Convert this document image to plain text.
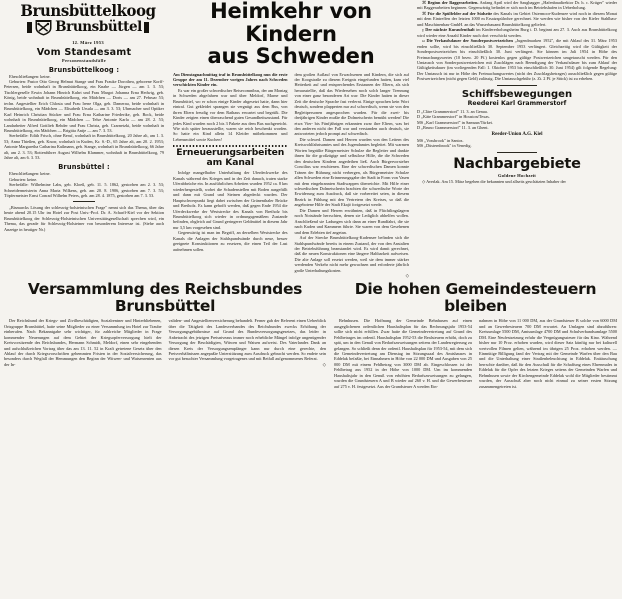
Brunsbüttelkoog
Brunsbüttel
12. März 1953
Vom Standesamt
Personenstandsfälle
Brunsbüttelkoog :

Eheschließungen: keine.

Geburten: Pastor Otto Georg Helmut Stange und Frau Frauke Dorothea, geborene Korff-Petersen, beide wohnhaft in Brunsbüttelkoog, ein Knabe — Jürgen — am 1. 3. 53; Tischlergeselle Erwin Johann Hinrich Kuhrt und Frau Margot Johanna Erna Hedwig, geb. König, beide wohnhaft in Brunsbüttelkoog, ein Mädchen — Doris — am 27. Februar 53; techn. Angestellter Erich Chlosta und Frau Irene Olga, geb. Damerau, beide wohnhaft in Brunsbüttelkoog, ein Mädchen — Elisabeth Ursula — am 3. 3. 53; Uhrmacher und Optiker Karl Heinrich Christian Stücker und Frau Erna Katharine Friederike, geb. Bock, beide wohnhaft in Brunsbüttelkoog, ein Mädchen — Telse Antonie Karla — am 28. 2. 53; Landarbeiter Alfred Gottlieb Rehder und Frau Christa, geb. Czarnetzki, beide wohnhaft in Brunsbüttelkoog, ein Mädchen — Brigitta Antje — am 7. 3. 53.

Sterbefälle: Edith Frisch, ohne Beruf, wohnhaft in Brunsbüttelkoog, 20 Jahre alt, am 1. 3. 53; Anna Thießen, geb. Knorr, wohnhaft in Kuden, Kr. S.-D., 65 Jahre alt, am 20. 2. 1953; Antonie Margaretha Catharina Kußmann, geb. Stange, wohnhaft in Brunsbüttelkoog, 66 Jahre alt, am 2. 3. 53; Rottenführer August Wilhelm Klammer, wohnhaft in Brunsbüttelkoog, 79 Jahre alt, am 6. 3. 53.

Brunsbüttel :

Eheschließungen: keine.

Geburten: keine.

Sterbefälle: Wilhelmine Labs, geb. Kloeß, geb. 11. 5. 1862, gestorben am 2. 3. 53; Schneidermeisterin Anna Maria Wilkens, geb. am 20. 8. 1906, gestorben am 7. 3. 53; Töpfermeister Ernst Conrad Wilhelm Peters, geb. am 28. 4. 1875, gestorben am 7. 3. 53.

„Bismarcks Lösung der schleswig-holsteinischen Frage" nennt sich das Thema, über das heute abend 20.15 Uhr im Hotel zur Post Univ.-Prof. Dr. A. Scharff-Kiel vor der Sektion Brunsbüttelkoog der Schleswig-Holsteinischen Universitätsgesellschaft sprechen wird, ein Thema, das gerade für Schleswig-Holsteiner von besonderem Interesse ist. (Siehe auch Anzeige in heutiger Nr.)

Heimkehr von Kindern
aus Schweden

Am Dienstagnachmittag traf in Brunsbüttelkoog nun die erste Gruppe der am 11. Dezember vorigen Jahres nach Schweden verschickten Kinder ein.

Es war ein großer schwedischer Reisecomnibus, der am Montag in Schweden abgefahren war und über Meldorf, Marne und Brunsbüttel, wo er schon einige Kinder abgesetzt hatte, dann hier eintraf. Gut gekleidet sprangen sie vergnügt aus dem Bus, von ihren Eltern freudig vor dem Rathaus erwartet und begrüßt. Die Kinder zeigten einen überraschend guten Gesundheitszustand. Für jedes Kind wurden noch 2 bis 3 Pakete aus dem Bus nachgereicht. Wie sich später herausstellte, waren sie reich beschenkt worden. So hatte ein Kind allein 14 Kleider mitbekommen und Lebensmittel sowie Kuchen!

Erneuerungsarbeiten
am Kanal

Infolge mangelhafter Unterhaltung der Uferdeckwerke des Kanals während des Krieges und in der Zeit danach, traten starke Uferabbrüche ein. In ausführlichen Arbeiten wurden 1952 ca. 8 km wiederhergestellt, wobei die Schadenstellen mit Boden ausgefüllt und dann mit Grand und Steinen abgedeckt wurden. Der Hauptschwerpunkt liegt dabei zwischen der Grünenthaler Brücke und Breiholz. Es kann gehofft werden, daß gegen Ende 1954 die Uferdeckwerke der Weststrecke des Kanals von Breiholz bis Brunsbüttelkoog sich wieder in ordnungsgemäßem Zustande befinden, obgleich auf Grund geringerer Geldmittel in diesem Jahr nur 3,5 km vorgesehen sind.

Gegenwärtig ist man im Begriff, an derselben Weststrecke des Kanals die Anlagen der Stahlspundwände durch neue, besser geeignete Konstruktionen zu ersetzen, die einen Teil der Last aufnehmen sollen.

dem großen Auflauf von Erwachsenen und Kindern, die sich auf der Koogstraße zu diesem Ereignis eingefunden hatten, kam viel Heiterkeit auf und entsprechendes Erstaunen der Eltern, als sich herausstellte, daß das Wiedersehen noch solch langer Trennung von einer ganz besonderen Art war: Die Kinder hatten in dieser Zeit die deutsche Sprache fast verlernt. Einige sprachen kein Wort deutsch, sondern plapperten nur auf schwedisch, wenn sie von den Begleitpersonen angesprochen wurden. Für die zwei- bis dreijährigen Kinder mußte die Dolmetscherin bemüht werden! Die etwa Vier- bis Fünfjährigen erkannten zwar ihre Eltern, was bei den anderen nicht der Fall war und verstanden auch deutsch, sie antworteten jedoch prompt auf schwedisch.

Die schwed. Damen und Herren wurden von den Leitern des Kreiswohlfahrtsamtes und des Jugendamtes begleitet. Mit warmen Worten begrüßte Bürgermeister Schulze die Begleiter und dankte ihnen für die großzügige und selbstlose Hilfe, die die Schweden den deutschen Kindern angedeihen ließ. Auch Bürgervorsteher Concilius war erschienen. Eine der schwedischen Damen konnte Tränen der Rührung nicht verbergen, als Bürgermeister Schulze allen Schweden eine Erinnerungsgabe der Stadt in Form von Vasen mit dem eingebrannten Stadtwappen überreichte. Mit Hilfe einer schwedischen Dolmetscherin brachten die schwedische Worte der Erwiderung zum Ausdruck, daß sie vorbereitet seien, in diesem Bezirk in Fühlung mit den Vertretern des Kreises, so daß die angebotene Hilfe der Stadt Ekajö fortgesetzt werde.

Die Damen und Herren erwähnten, daß in Flüchtlingslagern noch Notstände herrschten, denen sie Lediglich abhelfen wollen. Anschließend sie Ladungen sich dann an einer Rundfahrt, die sie nach Kuden und Kammern führte. Sie waren von dem Gesehenen und dem Erlebten tief angetan.

Auf der Strecke Brunsbüttelkoog-Kudensee befinden sich die Stahlspundwände bereits in einem Zustand, der von den Anstalten der Betriebsführung beanstandet wird. Es wird damit gerechnet, daß die neuen Konstruktionen eine längere Haltbarkeit aufweisen. Die alte Anlage soll ersetzt werden, weil sie dem immer stärker werdenden Verkehr nicht mehr gewachsen und erforderte jährlich große Unterhaltungskosten.

◇

⌘ Beginn der Baggerarbeiten. Anfang April wird der Saugbagger „Hafenbaudirektor Dr. h. c. Krüger" wieder mit Baggerarbeiten beginnen. Gegenwärtig befindet er sich noch im Betriebshafen in Ueberholung.

⌘ Für die Spülfelder auf der Südseite des Kanals im Gebiet Ostermoor-Kudensee wird noch in diesem Monat mit dem Eintreffen der letzten 1000 m Ersatzspülrohre gerechnet. Sie werden wie bisher von der Kieler Stahlbau- und Maschinenbau-GmbH. an das Wasserbauamt Brunsbüttelkoog geliefert.

γ Der nächste Kuraufenthalt im Kindererholungsheim Burg i. D. beginnt am 27. 3. Auch aus Brunsbüttelkoog wird wieder eine Anzahl Kinder nach dort verschickt werden.

ω Die Verkaufsdauer der Sonderpostwertzeichen „Jugendmarken 1952", die mit Ablauf des 31. März 1953 enden sollte, wird bis einschließlich 30. September 1953 verlängert. Gleichzeitig wird die Gültigkeit der Sonderpostwertzeichen bis einschließlich 30. Juni verlängert. Sie können im Juli 1954 in Höhe des Freimachungswertes (10 bezw. 20 Pf.) kostenlos gegen gültige Postwertzeichen umgetauscht werden. Für den Umtausch von Sonderpostwertzeichen mit Zuschlägen nach Beendigung der Verkaufsdauer bis zum Ablauf der Gültigkeitsdauer (im vorliegenden Fall: 1. Oktober 1953 bis einschließlich 30. Juni 1954) gilt folgende Regelung: Der Umtausch ist nur in Höhe des Freimachungswertes (nicht des Zuschlagsbetrages) ausschließlich gegen gültige Postwertzeichen (nicht gegen Geld) zulässig. Die Umtauschgebühr (z. Zt. 2 Pf. je Stück) ist zu erheben.

Schiffsbewegungen
Reederei Karl Grammerstorf

D „Cläre Grammerstorf" 11. 3. an Genua.

D „Käte Grammerstorf" in Houston/Texas.

MS „Karl Grammerstorf" in Samsun/Türkei.

D „Bruno Grammerstorf" 11. 3. an Ghent.

Reeder-Union A.G. Kiel

MS „Vossbrook" in Santos.

MS „Düsternbrook" in Venedig.

Nachbargebiete
Goldene Hochzeit

◇ Averlak. Am 15. März begehen die bekannten und allseits geschätzten Inhaber der

Versammlung des Reichsbundes Brunsbüttel

Der Reichsbund der Kriegs- und Zivilbeschädigten, Sozialrentner und Hinterbliebenen, Ortsgruppe Brunsbüttel, hatte seine Mitglieder zu einer Versammlung im Hotel zur Traube einberufen. Nach Bekanntgabe sehr wichtiger, für zahlreiche Mitglieder in Frage kommender Neuerungen auf dem Gebiet der Kriegsopferversorgung hielt der Kreisvorsitzende des Reichsbundes, Hermann Schmidt, Meldorf, einen sehr eingehenden und aufschlußreichen Vortrag über das am 13. 11. 52 in Kraft getretene Gesetz über den Ablauf der durch Kriegsvorschriften gehemmten Fristen in der Sozialversicherung, das besonders durch Wegfall der Hemmungen den Beginn der Witwen- und Waisenrenten aus der In-

validen- und Angestelltenversicherung behandelt. Ferner gab der Referent einen Ueberblick über die Tätigkeit des Landesverbandes des Reichsbundes zwecks Erhöhung der Versorgungsgebührnisse auf Grund des Bundesversorgungsgesetzes, das leider in Anbetracht des jetzigen Preisniveaus immer noch erhebliche Mängel infolge ungenügender Versorgung der Beschädigten, Witwen und Waisen aufweist. Des Vaterlandes Dank an diesen Kreis der Versorgungsempfänger kann nur durch eine gerechte, den Preisverhältnissen angepaßte Unterstützung zum Ausdruck gebracht werden. So endete sein vor gut besuchter Versammlung vorgetragenes und mit Beifall aufgenommenes Referat.

◇
Die hohen Gemeindesteuern bleiben

Behnhusen. Die Hoffnung der Gemeinde Behnhusen auf einen ausgeglichenen ordentlichen Haushaltsplan für das Rechnungsjahr 1953-54 sollte sich nicht erfüllen. Zwar hatte die Gemeindevertretung auf Grund des Fehlbetrages im ordentl. Haushaltsplan 1952-53 die Realsteuern erhöht, doch zu spät, um in den Genuß von Bedarfszuweisungen seitens der Landesregierung zu gelangen. So schließt denn der ordentl. Haushaltsplan für 1953-54, mit dem sich die Gemeindevertretung am Dienstag im Sitzungssaal des Amtshauses in Eddelak befaßte, bei Einnahmen in Höhe von 22 000 DM und Ausgaben von 25 000 DM mit einem Fehlbetrag von 3000 DM ab. Eingeschlossen ist der Fehlbetrag aus 1952 in der Höhe von 1000 DM. Um im kommenden Haushaltsjahr in den Genuß von erhöhten Bedarfszuweisungen zu gelangen, wurden die Grundsteuern A und B wieder auf 260 v. H. und die Gewerbesteuer auf 275 v. H. festgesetzt. Aus der Grundsteuer A werden Ein-

nahmen in Höhe von 11 000 DM, aus der Grundsteuer B solche von 6000 DM und an Gewerbesteuern 700 DM erwartet. An Umlagen sind abzuführen: Kreisumlage 5500 DM, Amtsumlage 4700 DM und Schulverbandsumlage 5500 DM. Eine Neufestsetzung erfuhr die Vergnügungssteuer für das Kino. Während bisher nur 10 Proz. erhoben wurden, wird dieser Satz künftig nur bei kulturell wertvollen Filmen gelten, während im übrigen 25 Proz. erhoben werden. — Einmütige Billigung fand der Vertrag mit der Gemeinde Warfen über den Bau und die Unterhaltung einer Straßenbeleuchtung in Eddelak. Enttäuschung herrschte darüber, daß für den Ausschuß für die Schaffung eines Ehrenmales in Eddelak für die Opfer des letzten Krieges seitens der Gemeinden Warfen und Behmhusen sowie der Kirchengemeinde Eddelak wohl die Mitglieder bestimmt wurden, der Ausschuß aber noch nicht einmal zu seiner ersten Sitzung zusammengetreten ist.
